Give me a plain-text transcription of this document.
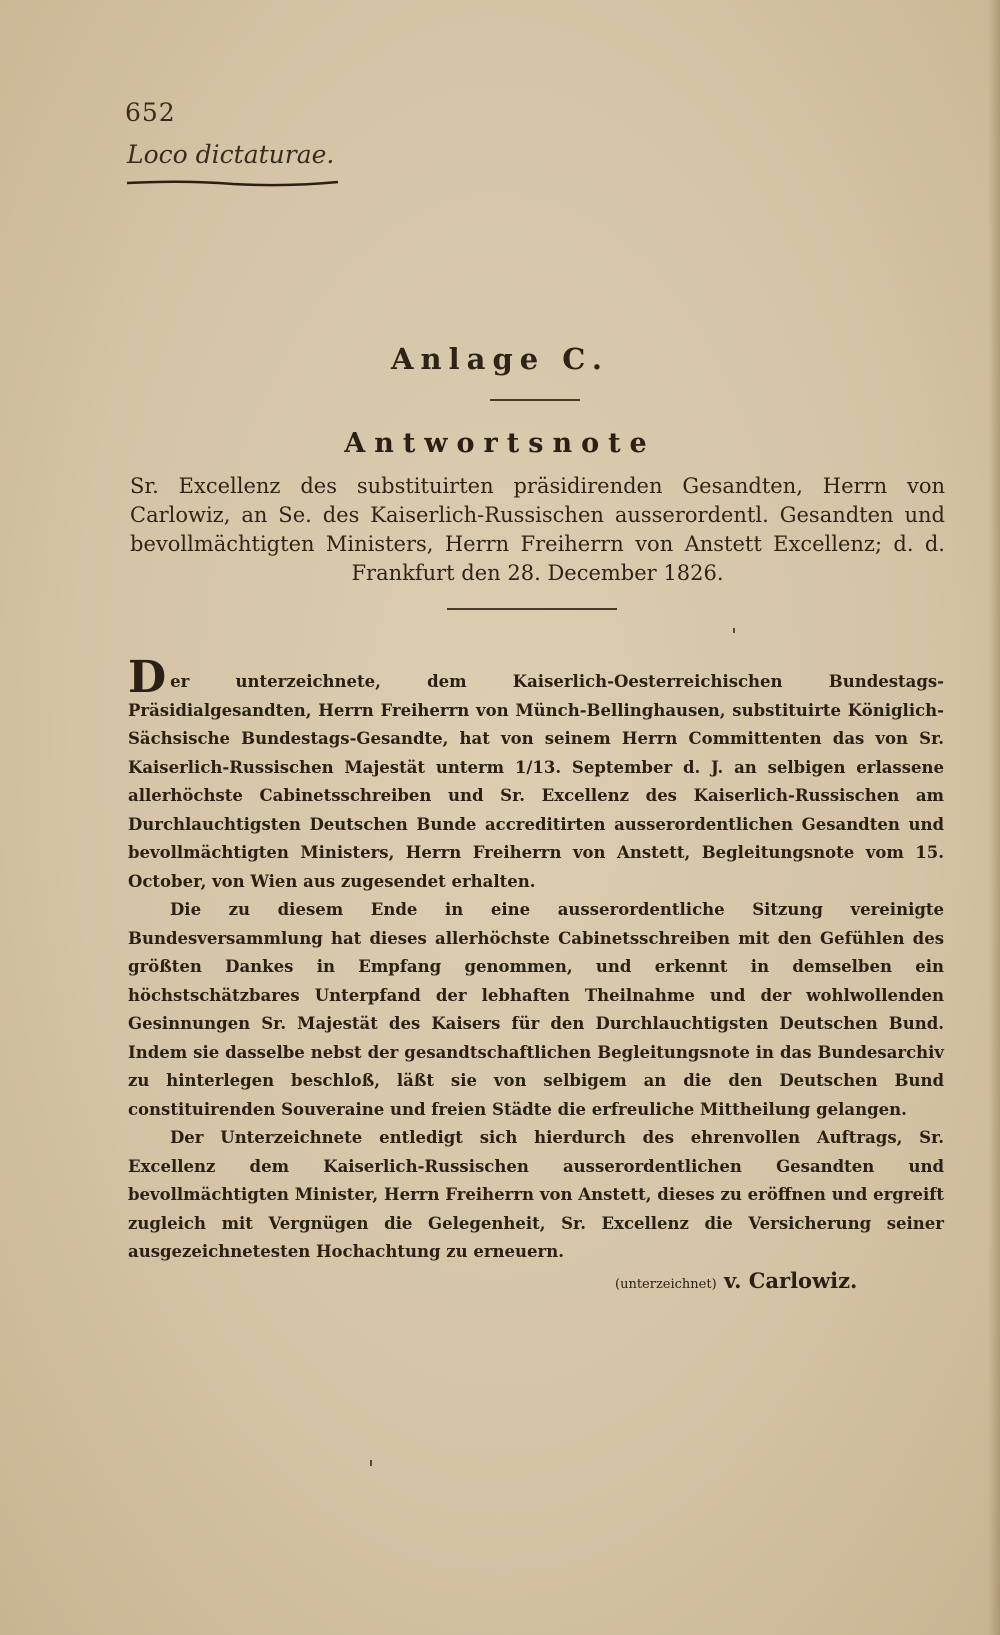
652
Loco dictaturae.
Anlage C.
Antwortsnote
Sr. Excellenz des substituirten präsidirenden Gesandten, Herrn von Carlowiz, an Se. des Kaiserlich-Russischen ausserordentl. Gesandten und bevollmächtigten Ministers, Herrn Freiherrn von Anstett Excellenz; d. d. Frankfurt den 28. December 1826.

Der unterzeichnete, dem Kaiserlich-Oesterreichischen Bundestags-Präsidialgesandten, Herrn Freiherrn von Münch-Bellinghausen, substituirte Königlich-Sächsische Bundestags-Gesandte, hat von seinem Herrn Committenten das von Sr. Kaiserlich-Russischen Majestät unterm 1/13. September d. J. an selbigen erlassene allerhöchste Cabinetsschreiben und Sr. Excellenz des Kaiserlich-Russischen am Durchlauchtigsten Deutschen Bunde accreditirten ausserordentlichen Gesandten und bevollmächtigten Ministers, Herrn Freiherrn von Anstett, Begleitungsnote vom 15. October, von Wien aus zugesendet erhalten.

Die zu diesem Ende in eine ausserordentliche Sitzung vereinigte Bundesversammlung hat dieses allerhöchste Cabinetsschreiben mit den Gefühlen des größten Dankes in Empfang genommen, und erkennt in demselben ein höchstschätzbares Unterpfand der lebhaften Theilnahme und der wohlwollenden Gesinnungen Sr. Majestät des Kaisers für den Durchlauchtigsten Deutschen Bund. Indem sie dasselbe nebst der gesandtschaftlichen Begleitungsnote in das Bundesarchiv zu hinterlegen beschloß, läßt sie von selbigem an die den Deutschen Bund constituirenden Souveraine und freien Städte die erfreuliche Mittheilung gelangen.

Der Unterzeichnete entledigt sich hierdurch des ehrenvollen Auftrags, Sr. Excellenz dem Kaiserlich-Russischen ausserordentlichen Gesandten und bevollmächtigten Minister, Herrn Freiherrn von Anstett, dieses zu eröffnen und ergreift zugleich mit Vergnügen die Gelegenheit, Sr. Excellenz die Versicherung seiner ausgezeichnetesten Hochachtung zu erneuern.

(unterzeichnet) v. Carlowiz.
